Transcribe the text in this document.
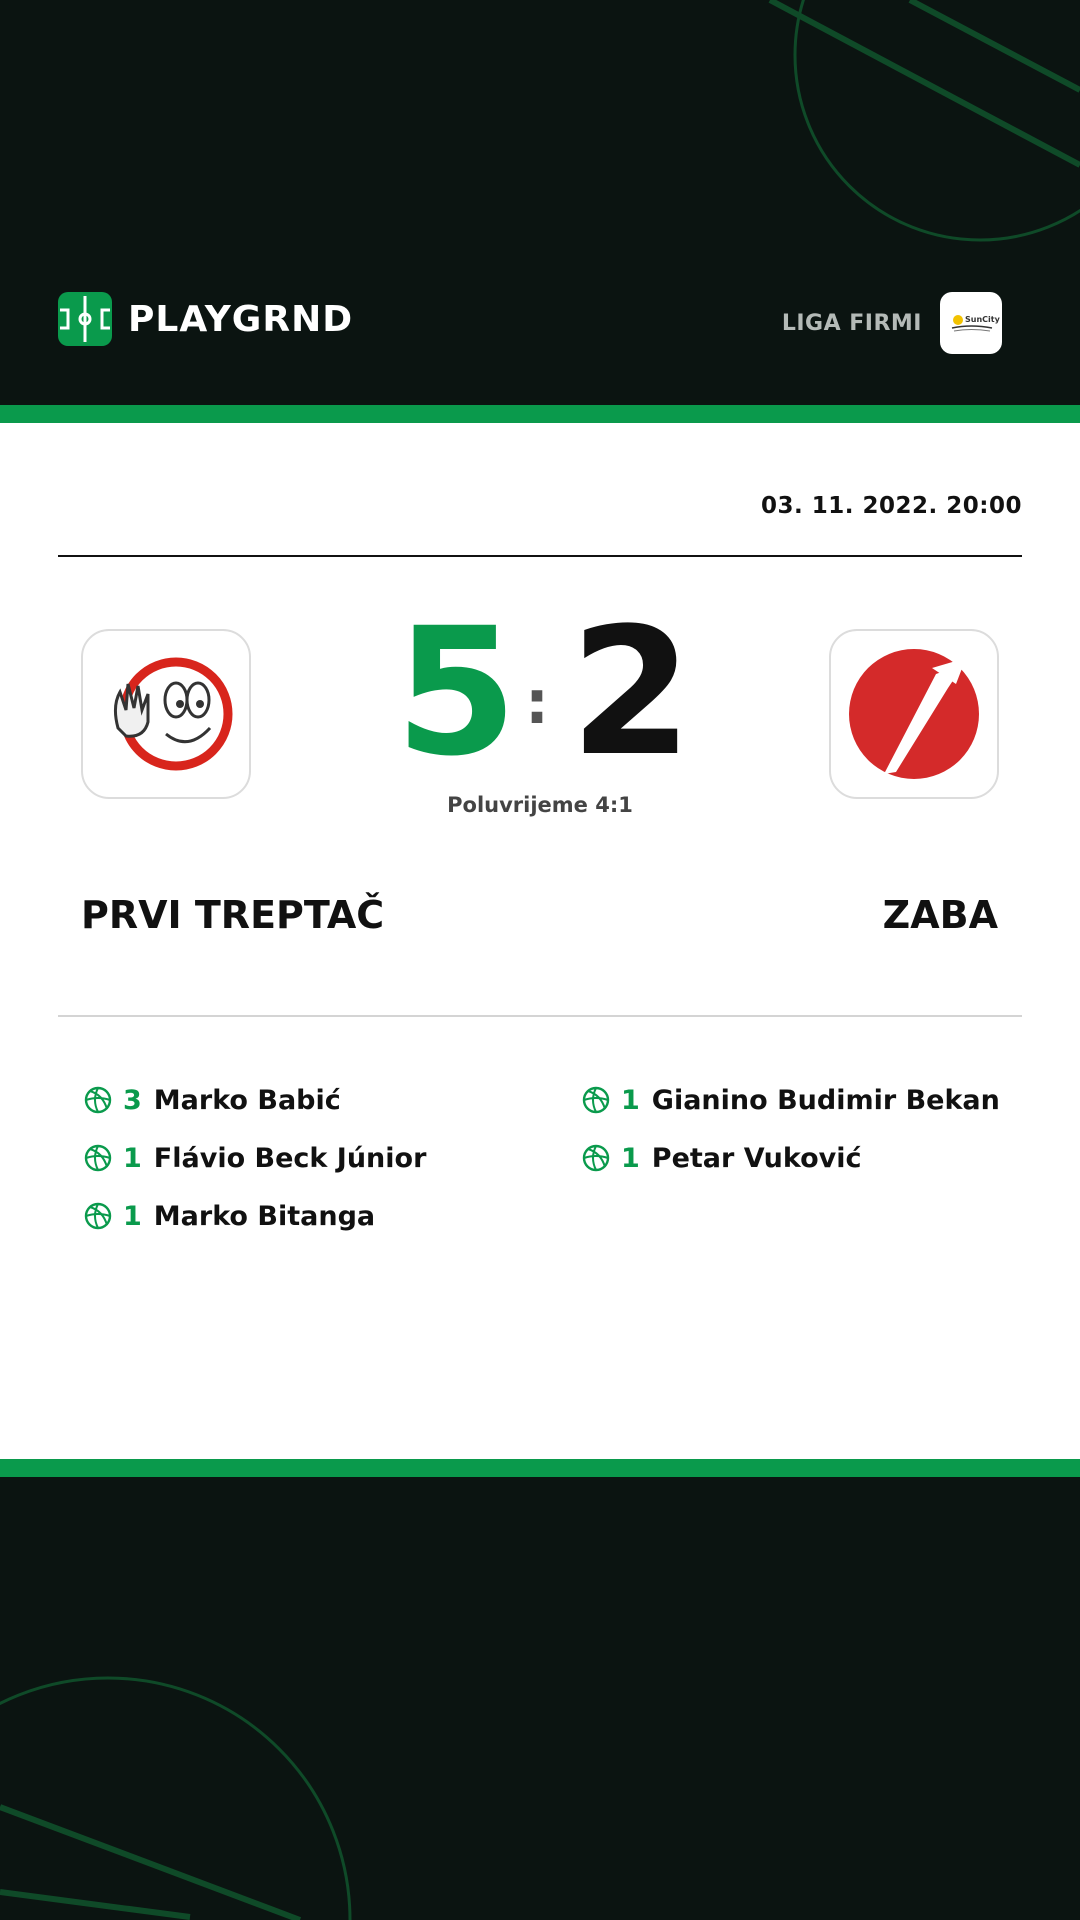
PLAYGRND	LIGA FIRMI	SunCity
03. 11. 2022. 20:00
5 : 2
Poluvrijeme 4:1
PRVI TREPTAČ	ZABA
3 Marko Babić
1 Flávio Beck Júnior
1 Marko Bitanga
1 Gianino Budimir Bekan
1 Petar Vuković
